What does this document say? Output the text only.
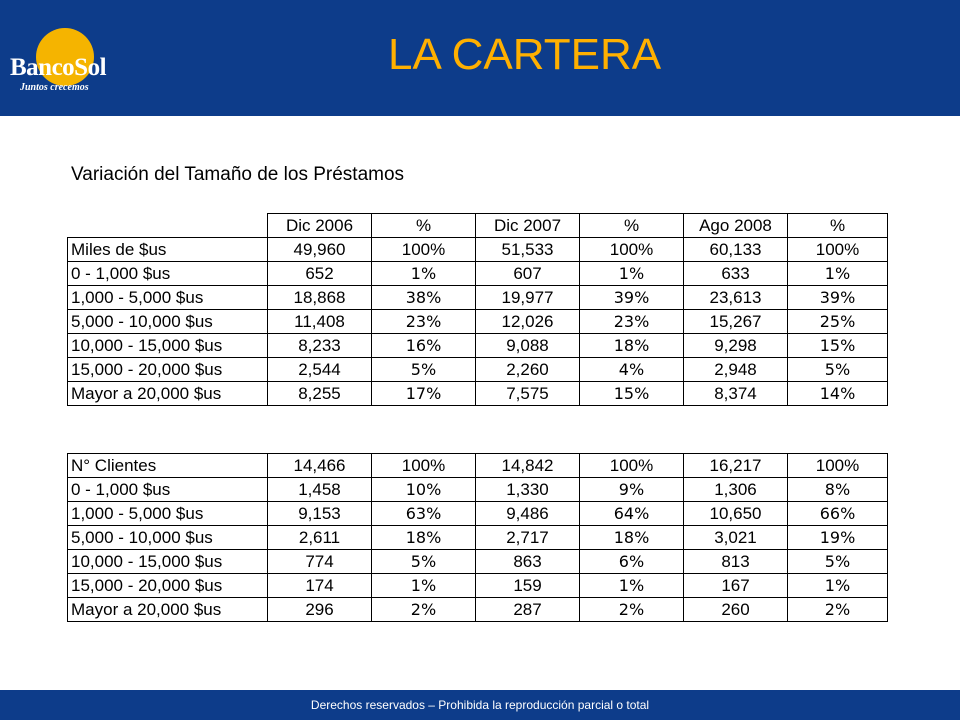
BancoSol
Juntos crecemos
LA CARTERA
Variación del Tamaño de los Préstamos
	Dic 2006	%	Dic 2007	%	Ago 2008	%
Miles de $us	49,960	100%	51,533	100%	60,133	100%
0 - 1,000 $us	652	1%	607	1%	633	1%
1,000 - 5,000 $us	18,868	38%	19,977	39%	23,613	39%
5,000 - 10,000 $us	11,408	23%	12,026	23%	15,267	25%
10,000 - 15,000 $us	8,233	16%	9,088	18%	9,298	15%
15,000 - 20,000 $us	2,544	5%	2,260	4%	2,948	5%
Mayor a 20,000 $us	8,255	17%	7,575	15%	8,374	14%
N° Clientes	14,466	100%	14,842	100%	16,217	100%
0 - 1,000 $us	1,458	10%	1,330	9%	1,306	8%
1,000 - 5,000 $us	9,153	63%	9,486	64%	10,650	66%
5,000 - 10,000 $us	2,611	18%	2,717	18%	3,021	19%
10,000 - 15,000 $us	774	5%	863	6%	813	5%
15,000 - 20,000 $us	174	1%	159	1%	167	1%
Mayor a 20,000 $us	296	2%	287	2%	260	2%
Derechos reservados – Prohibida la reproducción parcial o total
